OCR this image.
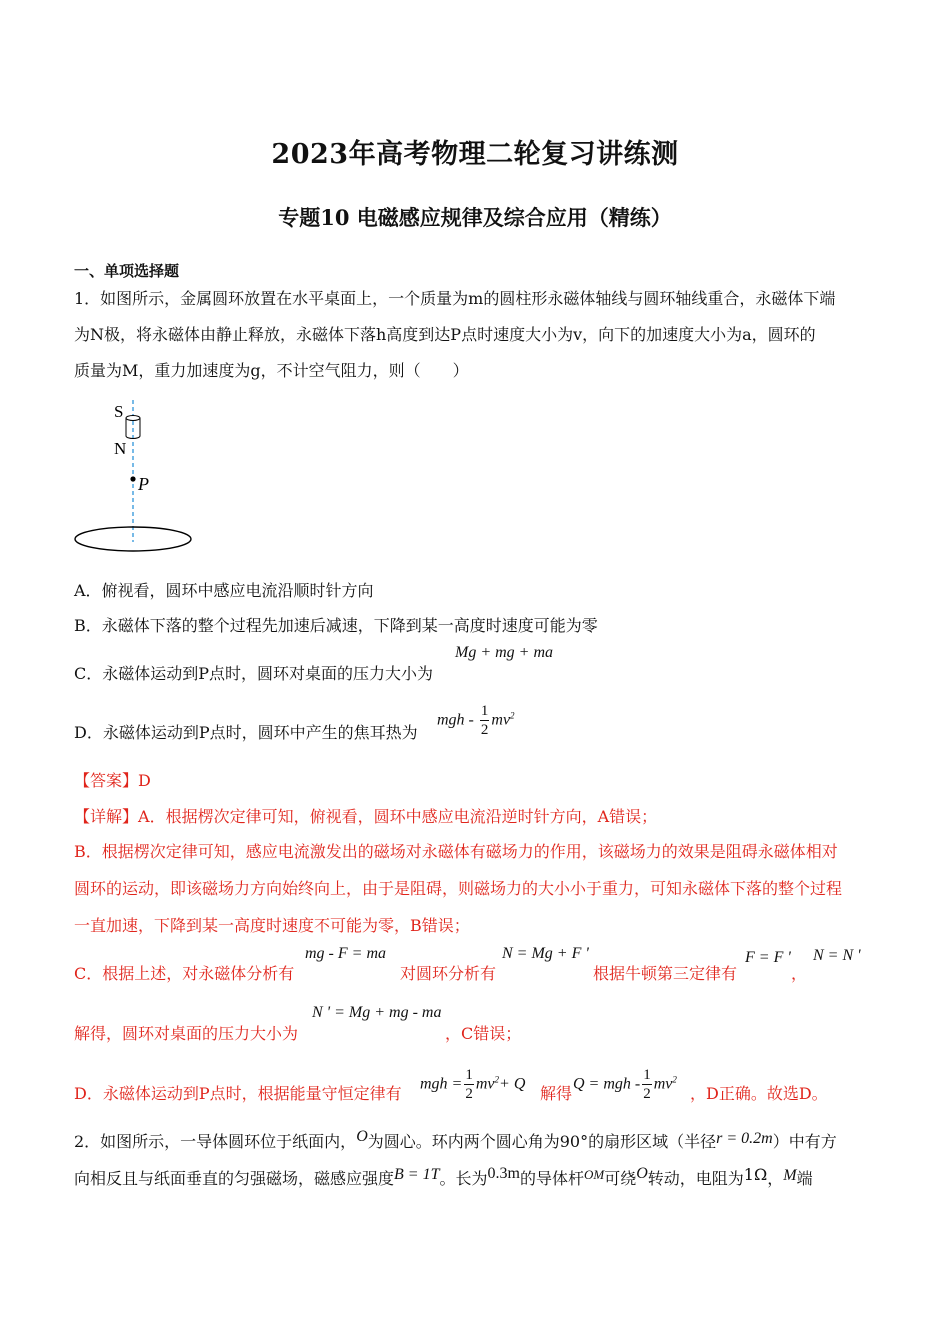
2023年高考物理二轮复习讲练测
专题10 电磁感应规律及综合应用（精练）
一、单项选择题
1．如图所示，金属圆环放置在水平桌面上，一个质量为m的圆柱形永磁体轴线与圆环轴线重合，永磁体下端
为N极，将永磁体由静止释放，永磁体下落h高度到达P点时速度大小为v，向下的加速度大小为a，圆环的
质量为M，重力加速度为g，不计空气阻力，则（　　）
S
N
P
A．俯视看，圆环中感应电流沿顺时针方向
B．永磁体下落的整个过程先加速后减速，下降到某一高度时速度可能为零
C．永磁体运动到P点时，圆环对桌面的压力大小为
Mg + mg + ma
D．永磁体运动到P点时，圆环中产生的焦耳热为
mgh - $\frac{1}{2} mv^2$
【答案】D
【详解】A．根据楞次定律可知，俯视看，圆环中感应电流沿逆时针方向，A错误；
B．根据楞次定律可知，感应电流激发出的磁场对永磁体有磁场力的作用，该磁场力的效果是阻碍永磁体相对
圆环的运动，即该磁场力方向始终向上，由于是阻碍，则磁场力的大小小于重力，可知永磁体下落的整个过程
一直加速，下降到某一高度时速度不可能为零，B错误；
C．根据上述，对永磁体分析有
mg - F = ma
对圆环分析有
N = Mg + F '
根据牛顿第三定律有
F = F '
，
N = N '
解得，圆环对桌面的压力大小为
N ' = Mg + mg - ma
，C错误；
D．永磁体运动到P点时，根据能量守恒定律有 mgh = $\frac{1}{2} mv^2+ Q$ 解得 Q = mgh - $\frac{1}{2} mv^2$
，D正确。故选D。
2．如图所示，一导体圆环位于纸面内，O为圆心。环内两个圆心角为90°的扇形区域（半径r = 0.2m）中有方
向相反且与纸面垂直的匀强磁场，磁感应强度B = 1T。长为0.3m的导体杆$^{OM}$可绕O转动，电阻为1Ω，M端
